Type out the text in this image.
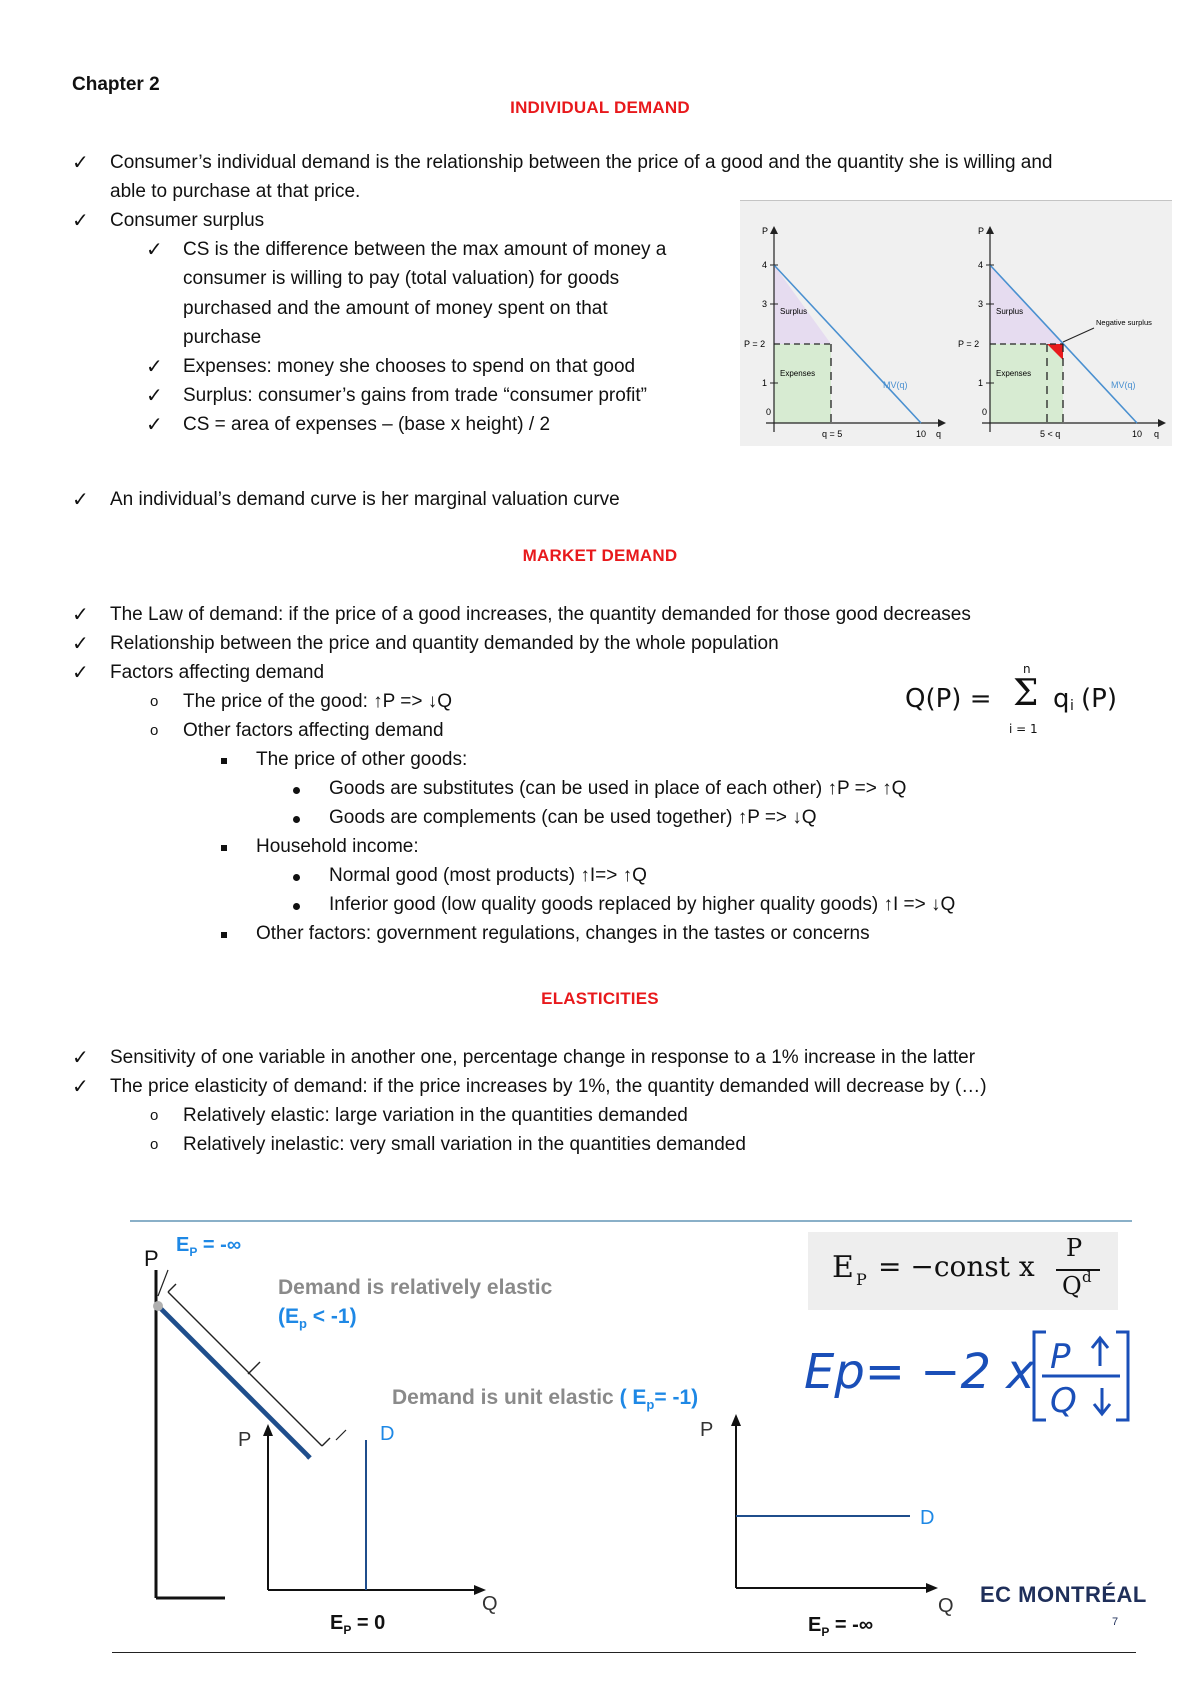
Chapter 2
INDIVIDUAL DEMAND
✓ Consumer’s individual demand is the relationship between the price of a good and the quantity she is willing and
able to purchase at that price.
✓ Consumer surplus
✓ CS is the difference between the max amount of money a
consumer is willing to pay (total valuation) for goods
purchased and the amount of money spent on that
purchase
✓ Expenses: money she chooses to spend on that good
✓ Surplus: consumer’s gains from trade “consumer profit”
✓ CS = area of expenses – (base x height) / 2
✓ An individual’s demand curve is her marginal valuation curve
P
4
3
P = 2
1
0
q = 5	10 q
Surplus
Expenses
MV(q)
P
4
3
P = 2
1
0
5 < q	10 q
Surplus
Expenses
Negative surplus
MV(q)
MARKET DEMAND
✓ The Law of demand: if the price of a good increases, the quantity demanded for those good decreases
✓ Relationship between the price and quantity demanded by the whole population
✓ Factors affecting demand
o The price of the good: ↑P => ↓Q
o Other factors affecting demand
The price of other goods:
Goods are substitutes (can be used in place of each other) ↑P => ↑Q
Goods are complements (can be used together) ↑P => ↓Q
Household income:
Normal good (most products) ↑I=> ↑Q
Inferior good (low quality goods replaced by higher quality goods) ↑I => ↓Q
Other factors: government regulations, changes in the tastes or concerns
Q(P) =
n
Σ
i = 1
q i (P)
ELASTICITIES
✓ Sensitivity of one variable in another one, percentage change in response to a 1% increase in the latter
✓ The price elasticity of demand: if the price increases by 1%, the quantity demanded will decrease by (…)
o Relatively elastic: large variation in the quantities demanded
o Relatively inelastic: very small variation in the quantities demanded
P
$E_P$ = -∞
Demand is relatively elastic
$(E_p < -1)$
Demand is unit elastic ( $E_p= -1$)
E P = −const x
P
Q d
Ep= −2 x P
Q
P	D
Q
$E_P = 0$
P
D
Q
$E_P$ = -∞
EC MONTRÉAL
7
